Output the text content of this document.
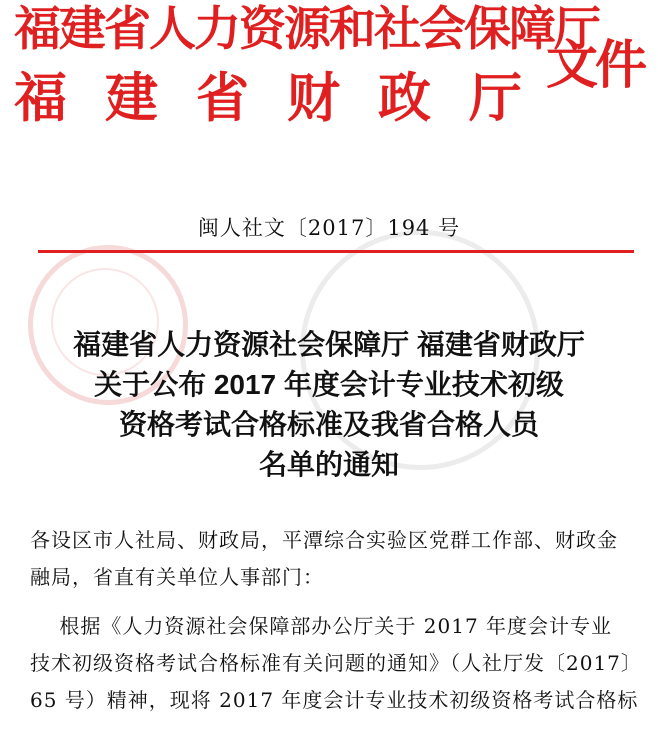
福建省人力资源和社会保障厅
福建省财政厅
文件
闽人社文〔2017〕194 号
福建省人力资源社会保障厅 福建省财政厅
关于公布 2017 年度会计专业技术初级
资格考试合格标准及我省合格人员
名单的通知
各设区市人社局、财政局，平潭综合实验区党群工作部、财政金
融局，省直有关单位人事部门：
根据《人力资源社会保障部办公厅关于 2017 年度会计专业
技术初级资格考试合格标准有关问题的通知》（人社厅发〔2017〕
65 号）精神，现将 2017 年度会计专业技术初级资格考试合格标
